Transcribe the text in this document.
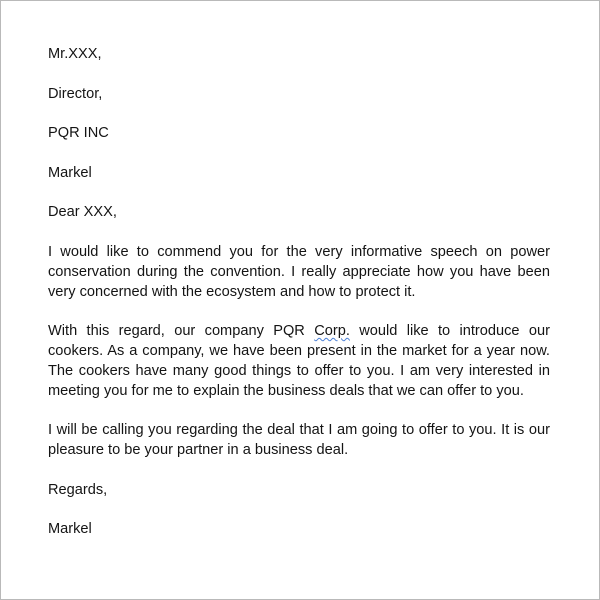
Mr.XXX,
Director,
PQR INC
Markel
Dear XXX,

I would like to commend you for the very informative speech on power conservation during the convention. I really appreciate how you have been very concerned with the ecosystem and how to protect it.

With this regard, our company PQR Corp. would like to introduce our cookers. As a company, we have been present in the market for a year now. The cookers have many good things to offer to you. I am very interested in meeting you for me to explain the business deals that we can offer to you.

I will be calling you regarding the deal that I am going to offer to you. It is our pleasure to be your partner in a business deal.

Regards,
Markel
